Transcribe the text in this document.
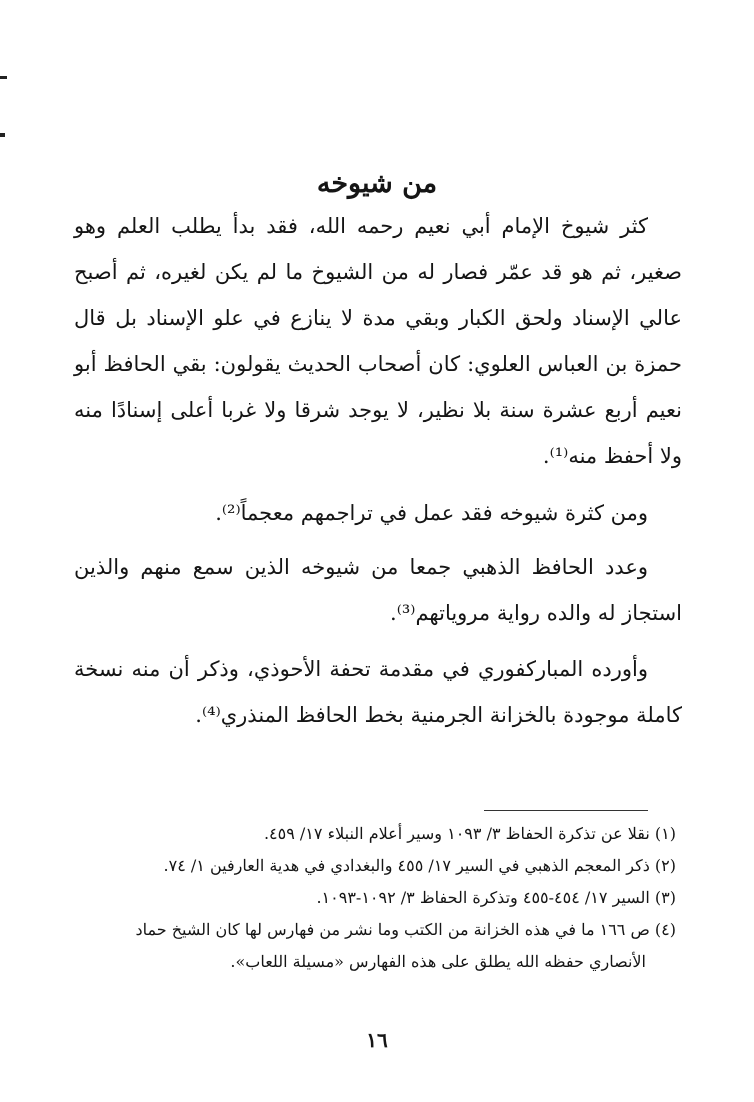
من شيوخه

كثر شيوخ الإمام أبي نعيم رحمه الله، فقد بدأ يطلب العلم وهو صغير، ثم هو قد عمّر فصار له من الشيوخ ما لم يكن لغيره، ثم أصبح عالي الإسناد ولحق الكبار وبقي مدة لا ينازع في علو الإسناد بل قال حمزة بن العباس العلوي: كان أصحاب الحديث يقولون: بقي الحافظ أبو نعيم أربع عشرة سنة بلا نظير، لا يوجد شرقا ولا غربا أعلى إسنادًا منه ولا أحفظ منه⁽¹⁾.

ومن كثرة شيوخه فقد عمل في تراجمهم معجماً⁽²⁾.

وعدد الحافظ الذهبي جمعا من شيوخه الذين سمع منهم والذين استجاز له والده رواية مروياتهم⁽³⁾.

وأورده المباركفوري في مقدمة تحفة الأحوذي، وذكر أن منه نسخة كاملة موجودة بالخزانة الجرمنية بخط الحافظ المنذري⁽⁴⁾.

(١) نقلا عن تذكرة الحفاظ ٣/ ١٠٩٣ وسير أعلام النبلاء ١٧/ ٤٥٩.

(٢) ذكر المعجم الذهبي في السير ١٧/ ٤٥٥ والبغدادي في هدية العارفين ١/ ٧٤.

(٣) السير ١٧/ ٤٥٤-٤٥٥ وتذكرة الحفاظ ٣/ ١٠٩٢-١٠٩٣.

(٤) ص ١٦٦ ما في هذه الخزانة من الكتب وما نشر من فهارس لها كان الشيخ حماد

الأنصاري حفظه الله يطلق على هذه الفهارس «مسيلة اللعاب».

١٦
